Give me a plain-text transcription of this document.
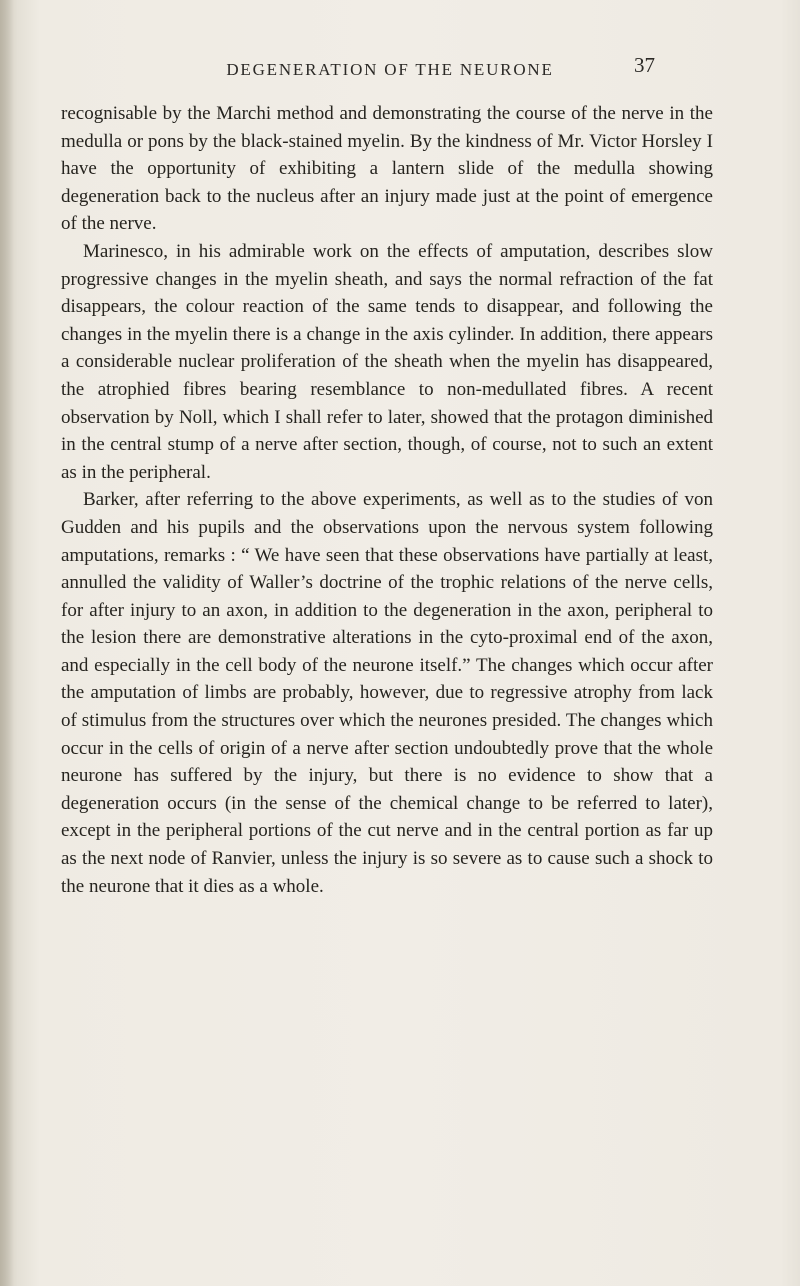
DEGENERATION OF THE NEURONE	37

recognisable by the Marchi method and demonstrating the course of the nerve in the medulla or pons by the black-stained myelin. By the kindness of Mr. Victor Horsley I have the opportunity of exhibiting a lantern slide of the medulla showing degeneration back to the nucleus after an injury made just at the point of emergence of the nerve.

Marinesco, in his admirable work on the effects of amputation, describes slow progressive changes in the myelin sheath, and says the normal refraction of the fat disappears, the colour reaction of the same tends to disappear, and following the changes in the myelin there is a change in the axis cylinder. In addition, there appears a considerable nuclear proliferation of the sheath when the myelin has disappeared, the atrophied fibres bearing resemblance to non-medullated fibres. A recent observation by Noll, which I shall refer to later, showed that the protagon diminished in the central stump of a nerve after section, though, of course, not to such an extent as in the peripheral.

Barker, after referring to the above experiments, as well as to the studies of von Gudden and his pupils and the observations upon the nervous system following amputations, remarks : “ We have seen that these observations have partially at least, annulled the validity of Waller’s doctrine of the trophic relations of the nerve cells, for after injury to an axon, in addition to the degeneration in the axon, peripheral to the lesion there are demonstrative alterations in the cyto-proximal end of the axon, and especially in the cell body of the neurone itself.” The changes which occur after the amputation of limbs are probably, however, due to regressive atrophy from lack of stimulus from the structures over which the neurones presided. The changes which occur in the cells of origin of a nerve after section undoubtedly prove that the whole neurone has suffered by the injury, but there is no evidence to show that a degeneration occurs (in the sense of the chemical change to be referred to later), except in the peripheral portions of the cut nerve and in the central portion as far up as the next node of Ranvier, unless the injury is so severe as to cause such a shock to the neurone that it dies as a whole.
